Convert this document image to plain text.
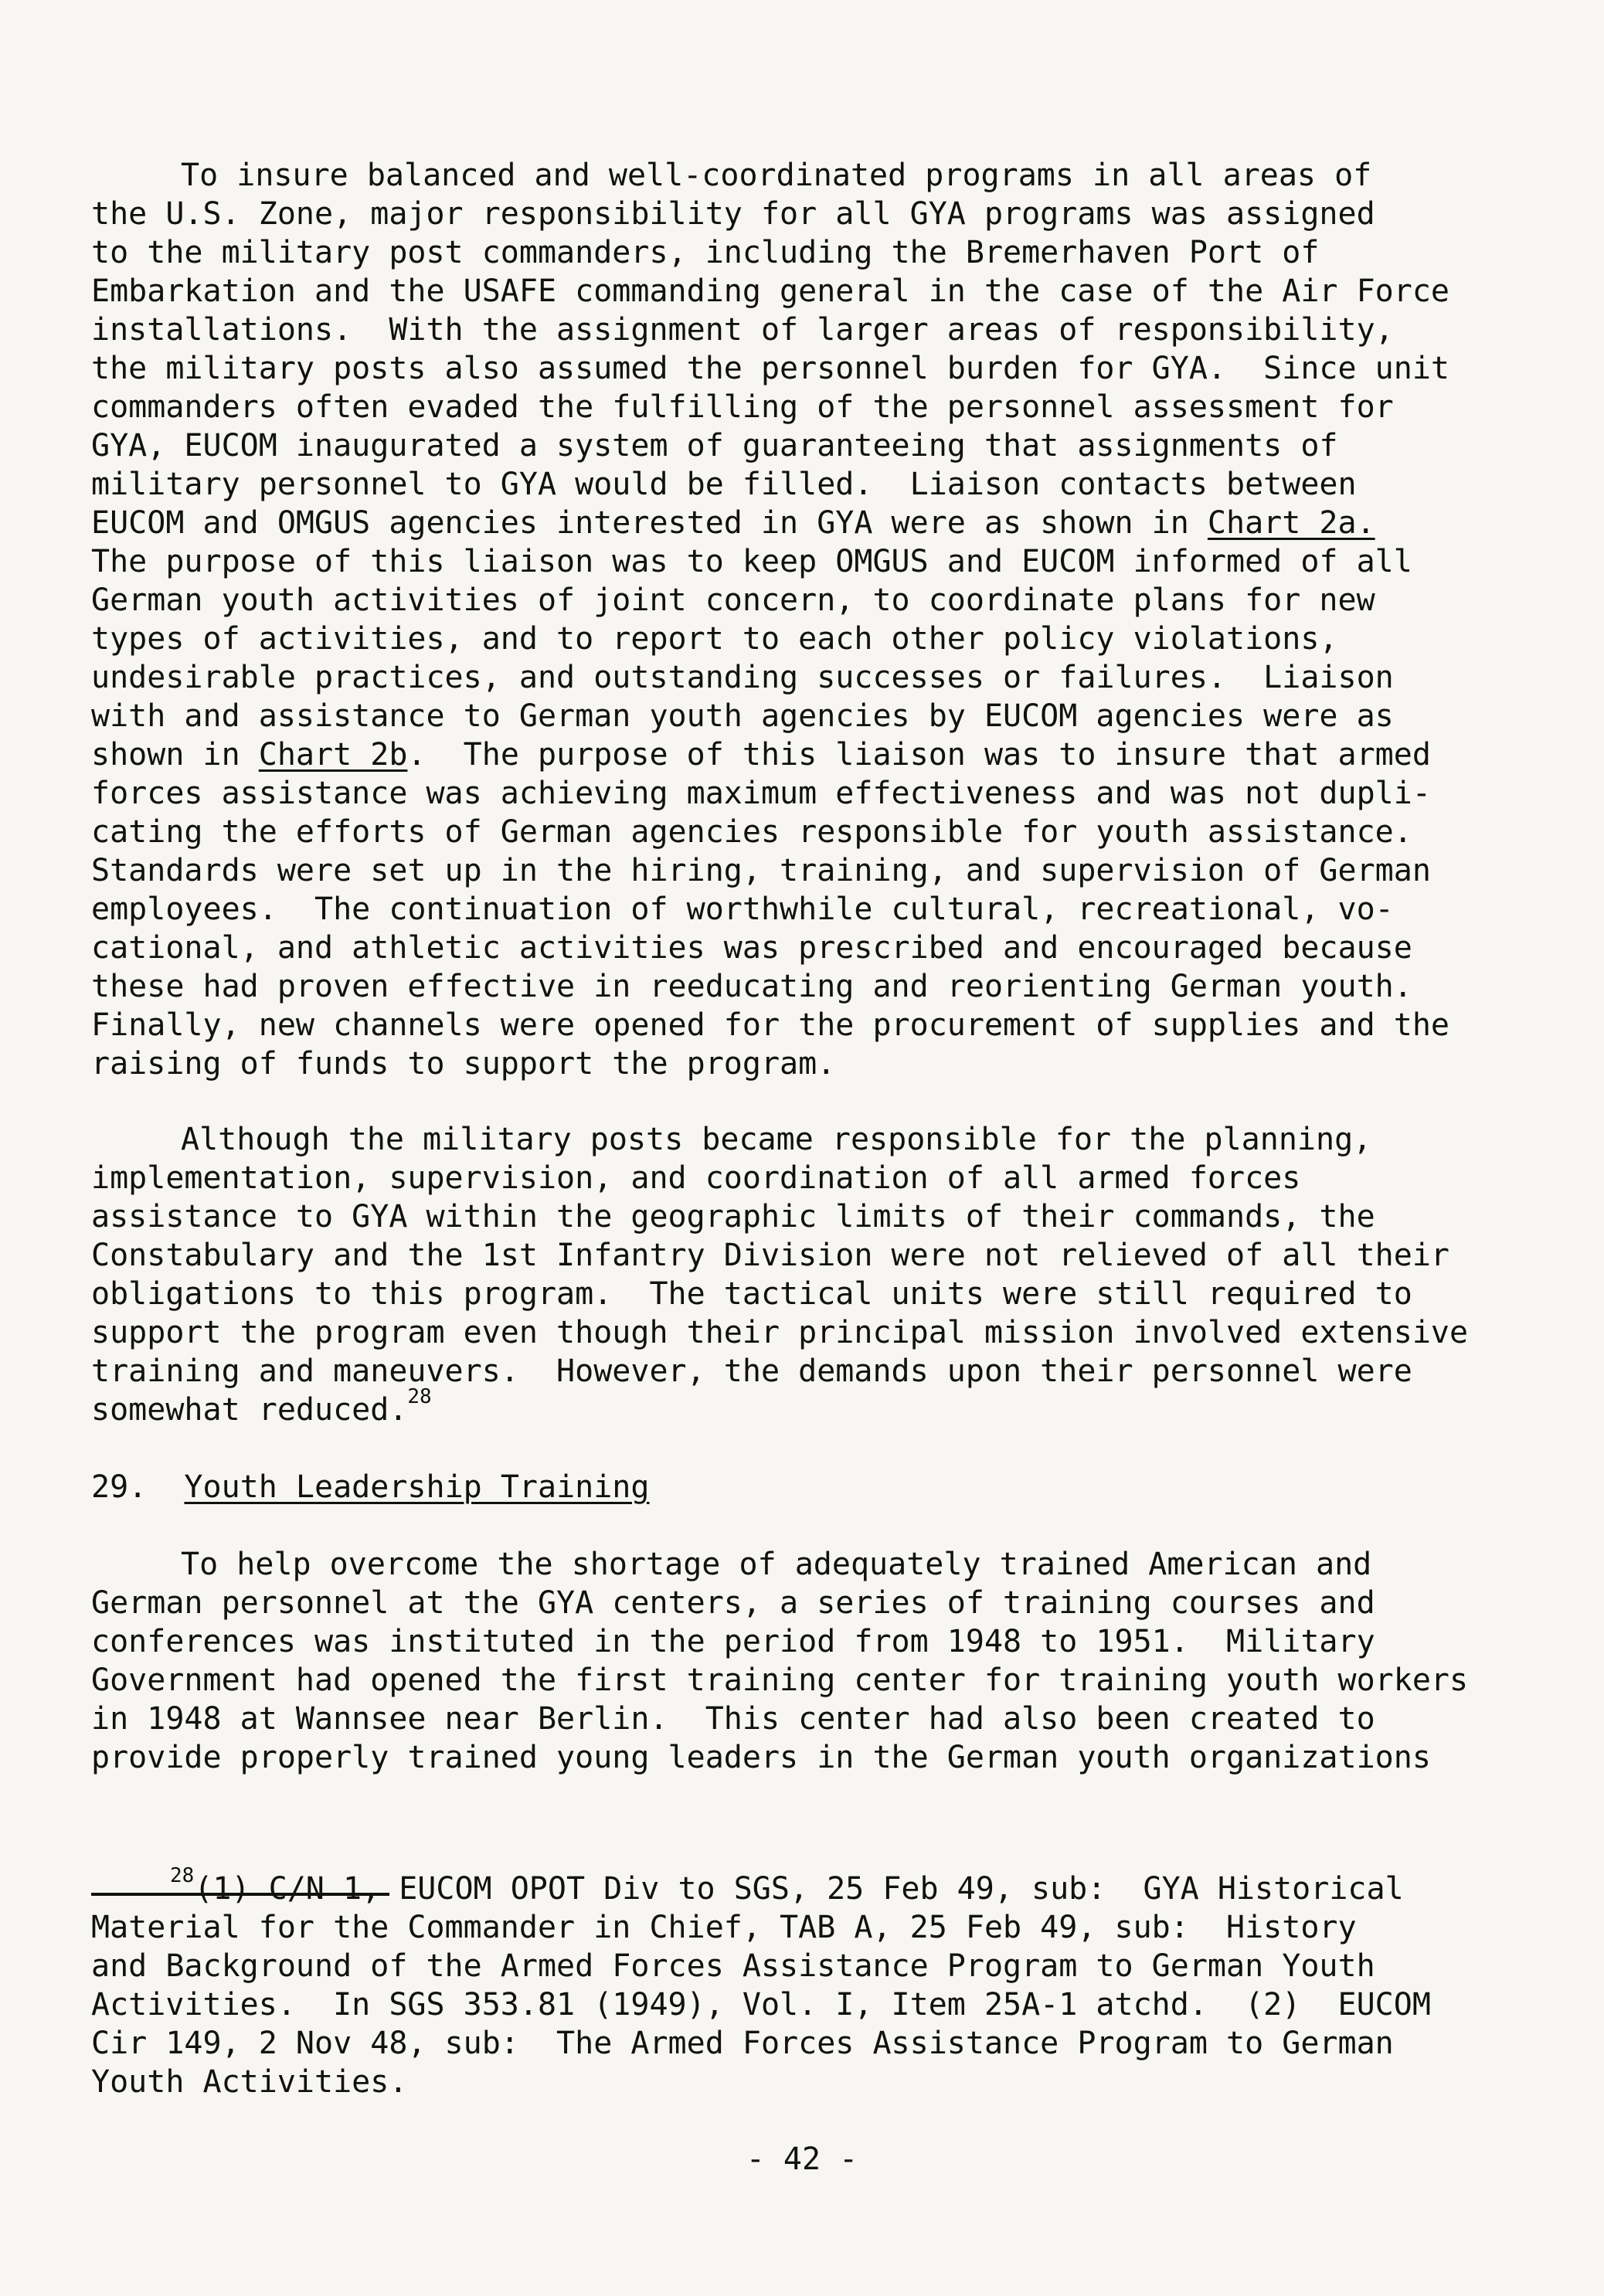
To insure balanced and well-coordinated programs in all areas of
the U.S. Zone, major responsibility for all GYA programs was assigned
to the military post commanders, including the Bremerhaven Port of
Embarkation and the USAFE commanding general in the case of the Air Force
installations.  With the assignment of larger areas of responsibility,
the military posts also assumed the personnel burden for GYA.  Since unit
commanders often evaded the fulfilling of the personnel assessment for
GYA, EUCOM inaugurated a system of guaranteeing that assignments of
military personnel to GYA would be filled.  Liaison contacts between
EUCOM and OMGUS agencies interested in GYA were as shown in Chart 2a.
The purpose of this liaison was to keep OMGUS and EUCOM informed of all
German youth activities of joint concern, to coordinate plans for new
types of activities, and to report to each other policy violations,
undesirable practices, and outstanding successes or failures.  Liaison
with and assistance to German youth agencies by EUCOM agencies were as
shown in Chart 2b.  The purpose of this liaison was to insure that armed
forces assistance was achieving maximum effectiveness and was not dupli-
cating the efforts of German agencies responsible for youth assistance.
Standards were set up in the hiring, training, and supervision of German
employees.  The continuation of worthwhile cultural, recreational, vo-
cational, and athletic activities was prescribed and encouraged because
these had proven effective in reeducating and reorienting German youth.
Finally, new channels were opened for the procurement of supplies and the
raising of funds to support the program.
Although the military posts became responsible for the planning,
implementation, supervision, and coordination of all armed forces
assistance to GYA within the geographic limits of their commands, the
Constabulary and the 1st Infantry Division were not relieved of all their
obligations to this program.  The tactical units were still required to
support the program even though their principal mission involved extensive
training and maneuvers.  However, the demands upon their personnel were
somewhat reduced.$^{28}$
29. Youth Leadership Training
To help overcome the shortage of adequately trained American and
German personnel at the GYA centers, a series of training courses and
conferences was instituted in the period from 1948 to 1951.  Military
Government had opened the first training center for training youth workers
in 1948 at Wannsee near Berlin.  This center had also been created to
provide properly trained young leaders in the German youth organizations
$^{28}$(1) C/N 1, EUCOM OPOT Div to SGS, 25 Feb 49, sub:  GYA Historical
Material for the Commander in Chief, TAB A, 25 Feb 49, sub:  History
and Background of the Armed Forces Assistance Program to German Youth
Activities.  In SGS 353.81 (1949), Vol. I, Item 25A-1 atchd.  (2)  EUCOM
Cir 149, 2 Nov 48, sub:  The Armed Forces Assistance Program to German
Youth Activities.
- 42 -
